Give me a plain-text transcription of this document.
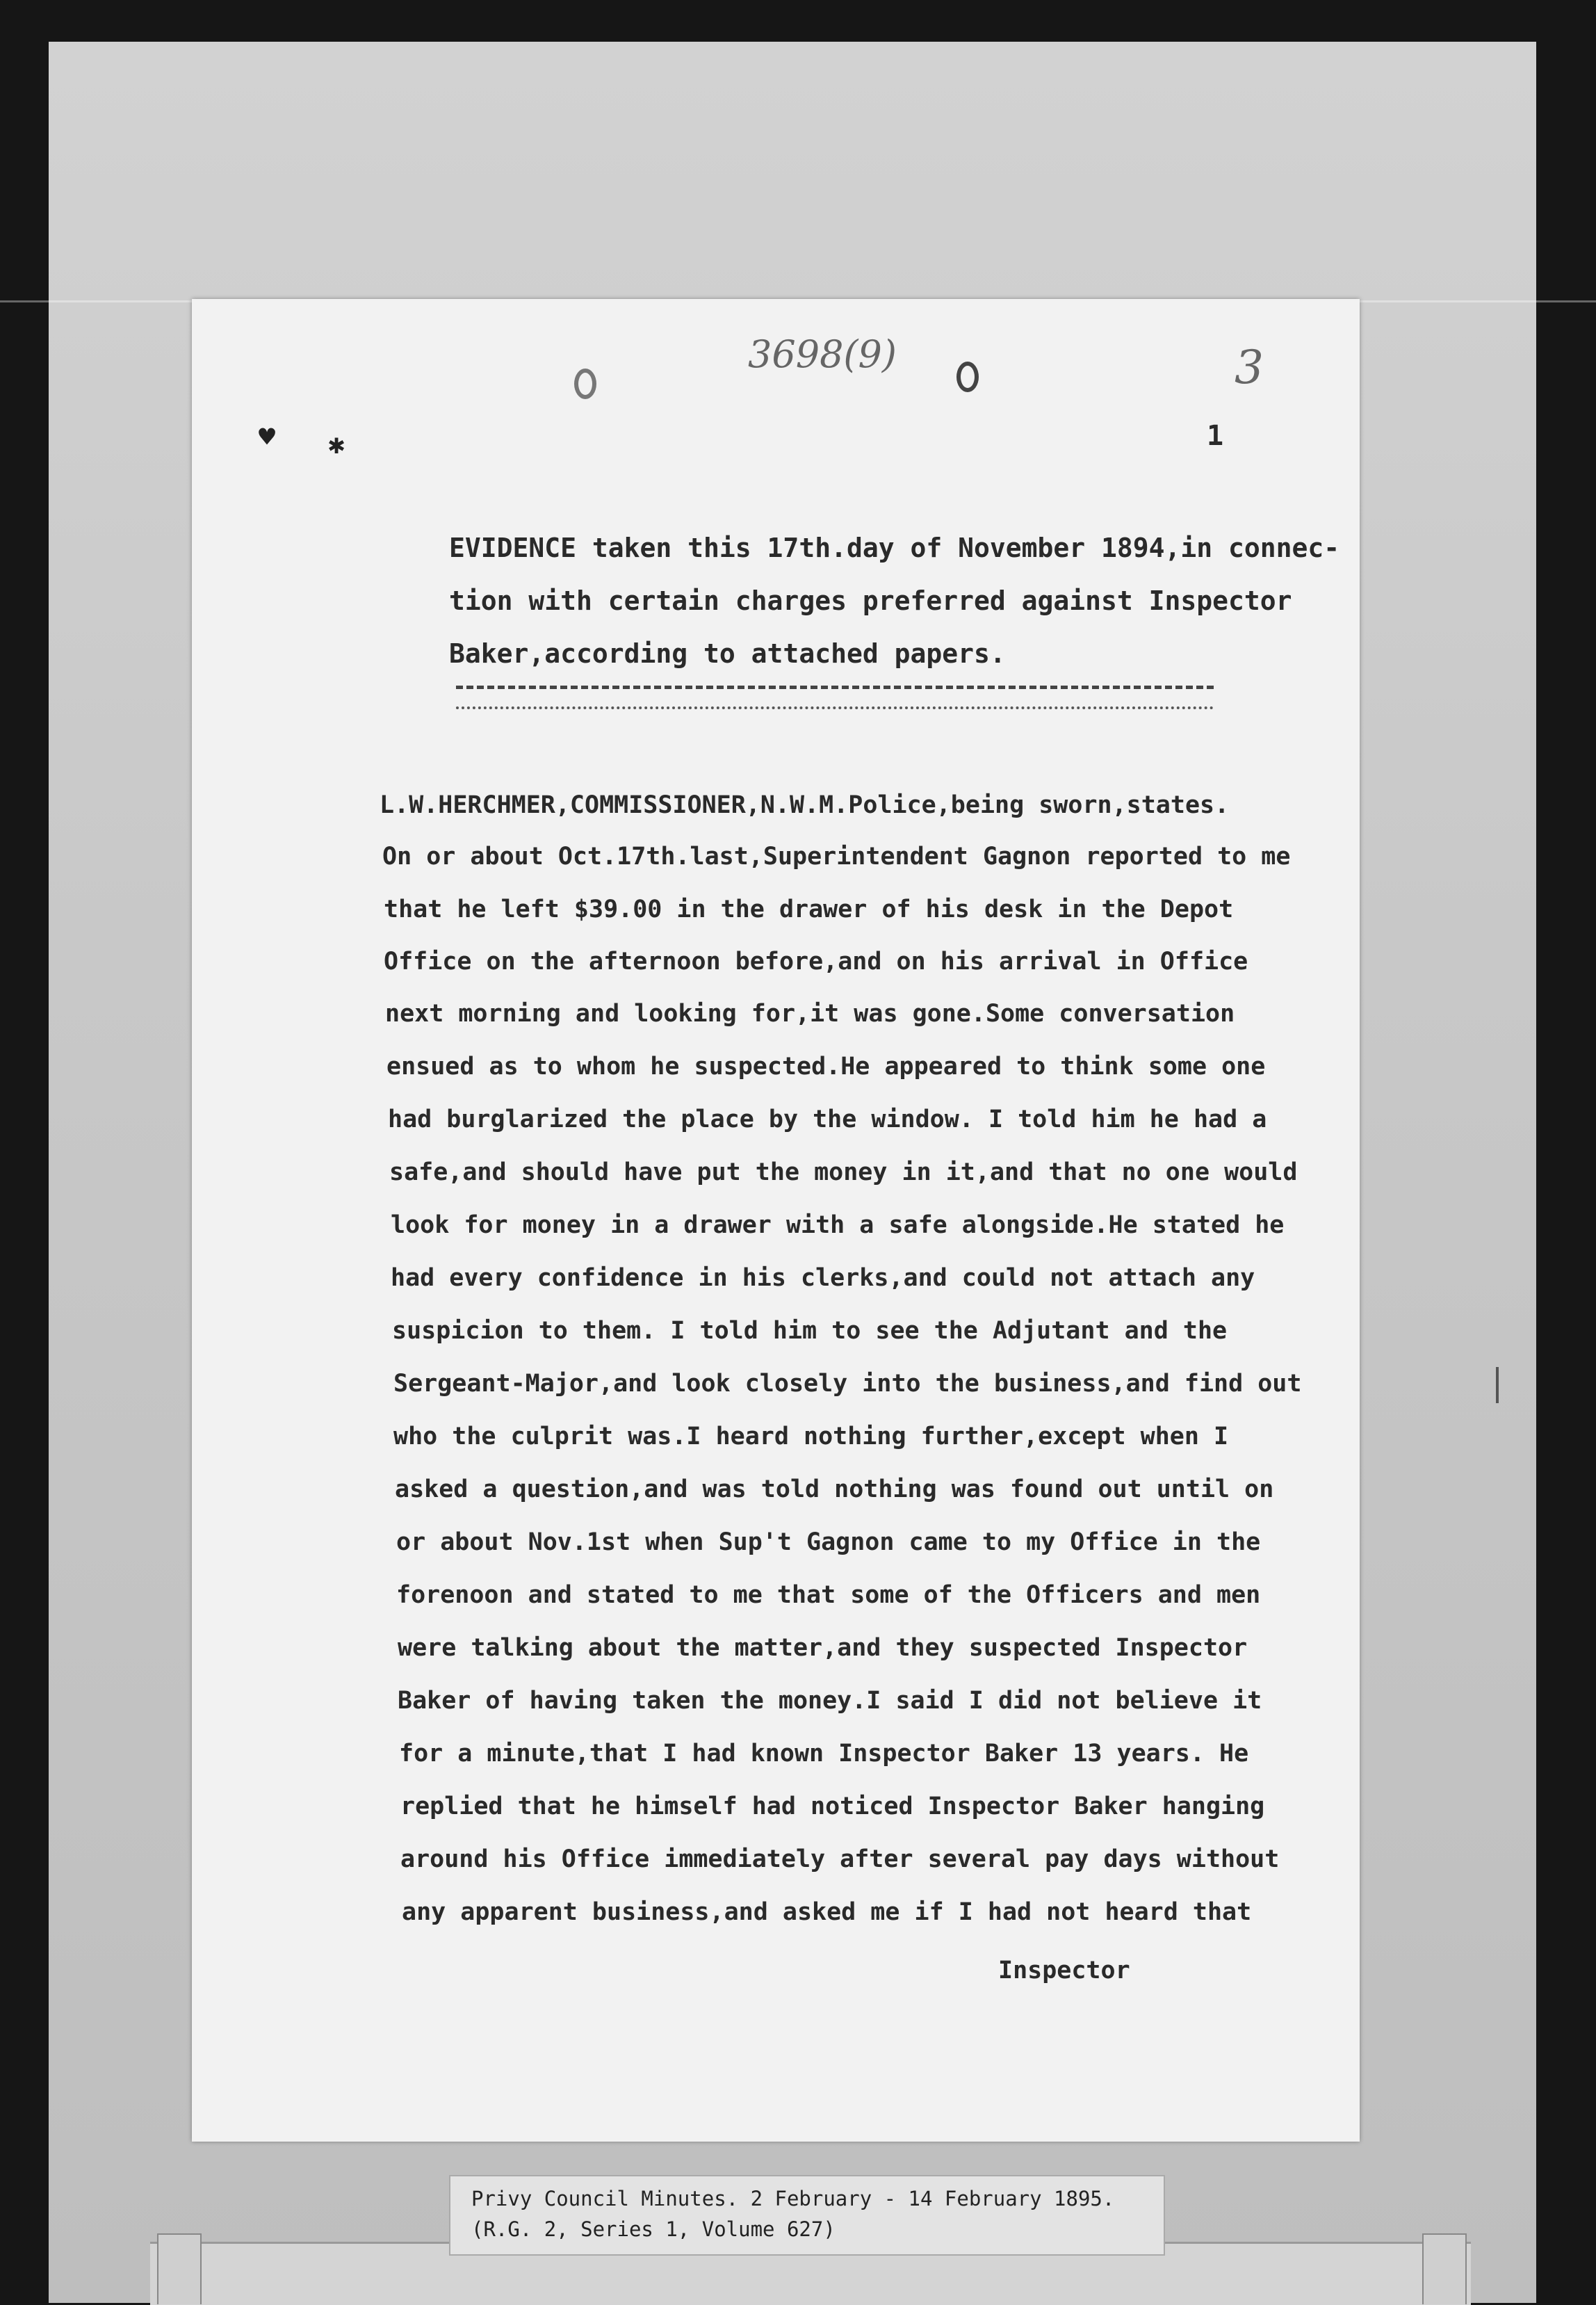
3698(9)	3
♥ ✱	1
EVIDENCE taken this 17th.day of November 1894,in connec-
tion with certain charges preferred against Inspector
Baker,according to attached papers.
L.W.HERCHMER,COMMISSIONER,N.W.M.Police,being sworn,states.
On or about Oct.17th.last,Superintendent Gagnon reported to me
that he left $39.00 in the drawer of his desk in the Depot
Office on the afternoon before,and on his arrival in Office
next morning and looking for,it was gone.Some conversation
ensued as to whom he suspected.He appeared to think some one
had burglarized the place by the window. I told him he had a
safe,and should have put the money in it,and that no one would
look for money in a drawer with a safe alongside.He stated he
had every confidence in his clerks,and could not attach any
suspicion to them. I told him to see the Adjutant and the
Sergeant-Major,and look closely into the business,and find out
who the culprit was.I heard nothing further,except when I
asked a question,and was told nothing was found out until on
or about Nov.1st when Sup't Gagnon came to my Office in the
forenoon and stated to me that some of the Officers and men
were talking about the matter,and they suspected Inspector
Baker of having taken the money.I said I did not believe it
for a minute,that I had known Inspector Baker 13 years. He
replied that he himself had noticed Inspector Baker hanging
around his Office immediately after several pay days without
any apparent business,and asked me if I had not heard that
Inspector
Privy Council Minutes. 2 February - 14 February 1895.
(R.G. 2, Series 1, Volume 627)
